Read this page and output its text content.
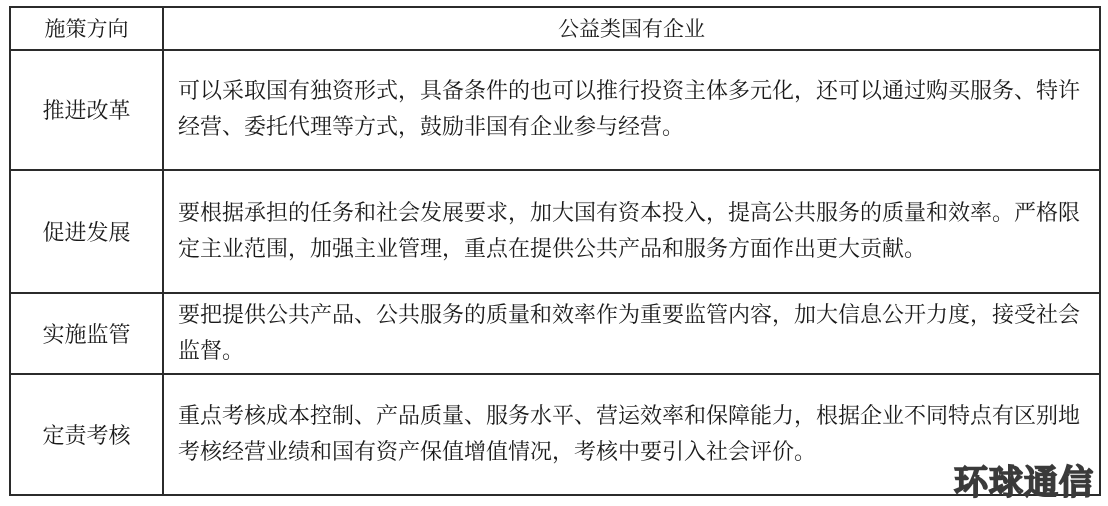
施策方向	公益类国有企业
推进改革	可以采取国有独资形式，具备条件的也可以推行投资主体多元化，还可以通过购买服务、特许经营、委托代理等方式，鼓励非国有企业参与经营。
促进发展	要根据承担的任务和社会发展要求，加大国有资本投入，提高公共服务的质量和效率。严格限定主业范围，加强主业管理，重点在提供公共产品和服务方面作出更大贡献。
实施监管	要把提供公共产品、公共服务的质量和效率作为重要监管内容，加大信息公开力度，接受社会监督。
定责考核	重点考核成本控制、产品质量、服务水平、营运效率和保障能力，根据企业不同特点有区别地考核经营业绩和国有资产保值增值情况，考核中要引入社会评价。
环球通信
